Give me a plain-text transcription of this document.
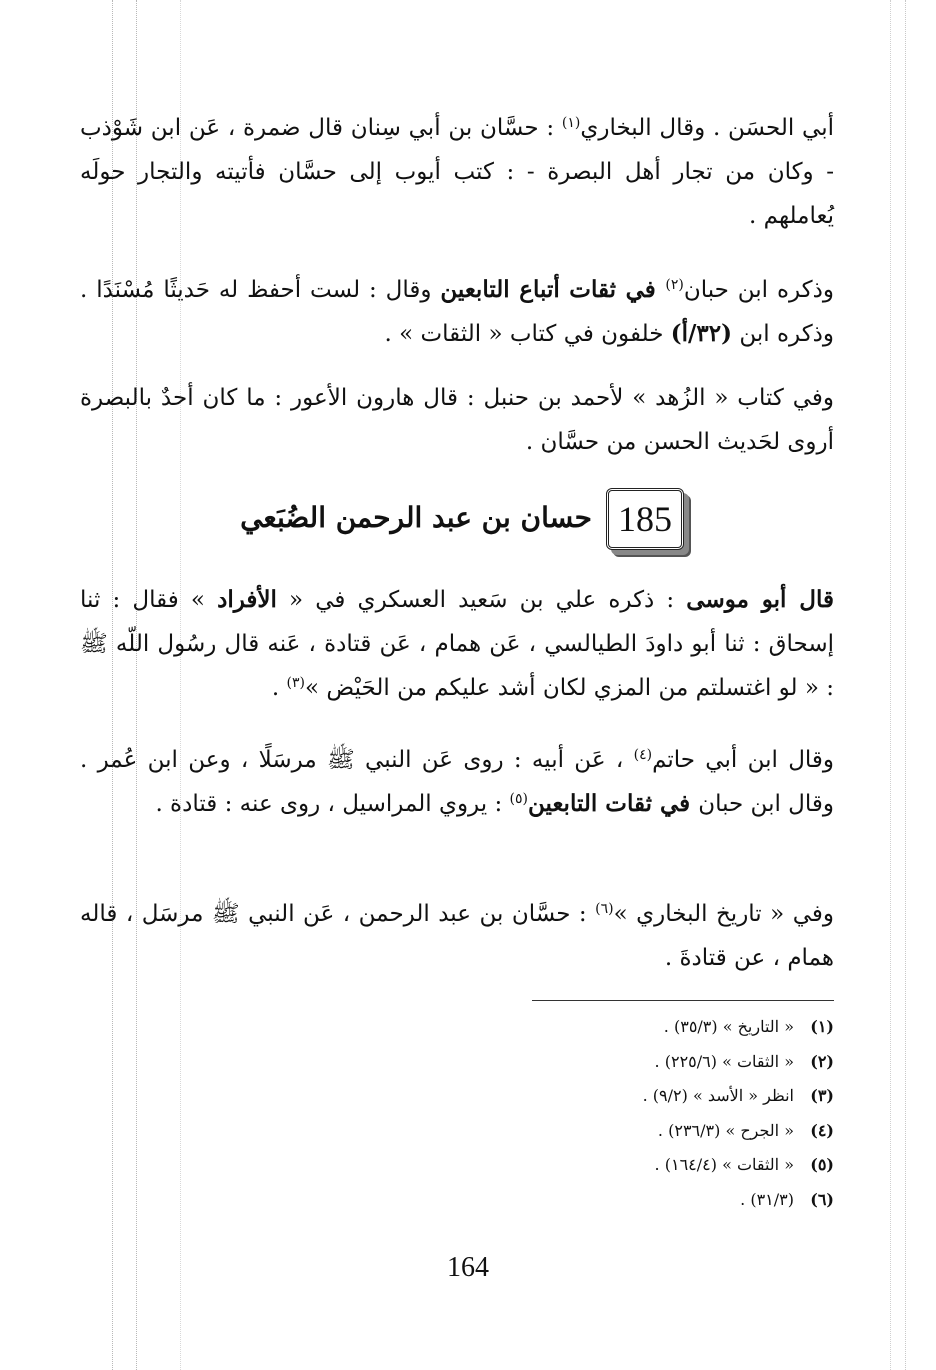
أبي الحسَن . وقال البخاري$^{(١)}$ : حسَّان بن أبي سِنان قال ضمرة ، عَن ابن شَوْذب - وكان من تجار أهل البصرة - : كتب أيوب إلى حسَّان فأتيته والتجار حولَه يُعاملهم .

وذكره ابن حبان$^{(٢)}$ في ثقات أتباع التابعين وقال : لست أحفظ له حَديثًا مُسْنَدًا . وذكره ابن (٣٢/أ) خلفون في كتاب « الثقات » .

وفي كتاب « الزُهد » لأحمد بن حنبل : قال هارون الأعور : ما كان أحدٌ بالبصرة أروى لحَديث الحسن من حسَّان .

185
حسان بن عبد الرحمن الضُبَعي

قال أبو موسى : ذكره علي بن سَعيد العسكري في « الأفراد » فقال : ثنا إسحاق : ثنا أبو داودَ الطيالسي ، عَن همام ، عَن قتادة ، عَنه قال رسُول اللّه ﷺ : « لو اغتسلتم من المزي لكان أشد عليكم من الحَيْض »$^{(٣)}$ .

وقال ابن أبي حاتم$^{(٤)}$ ، عَن أبيه : روى عَن النبي ﷺ مرسَلًا ، وعن ابن عُمر . وقال ابن حبان في ثقات التابعين$^{(٥)}$ : يروي المراسيل ، روى عنه : قتادة .

وفي « تاريخ البخاري »$^{(٦)}$ : حسَّان بن عبد الرحمن ، عَن النبي ﷺ مرسَل ، قاله همام ، عن قتادةَ .

(١)
« التاريخ » (٣٥/٣) .
(٢)
« الثقات » (٢٢٥/٦) .
(٣)
انظر « الأسد » (٩/٢) .
(٤)
« الجرح » (٢٣٦/٣) .
(٥)
« الثقات » (١٦٤/٤) .
(٦)
(٣١/٣) .
164
